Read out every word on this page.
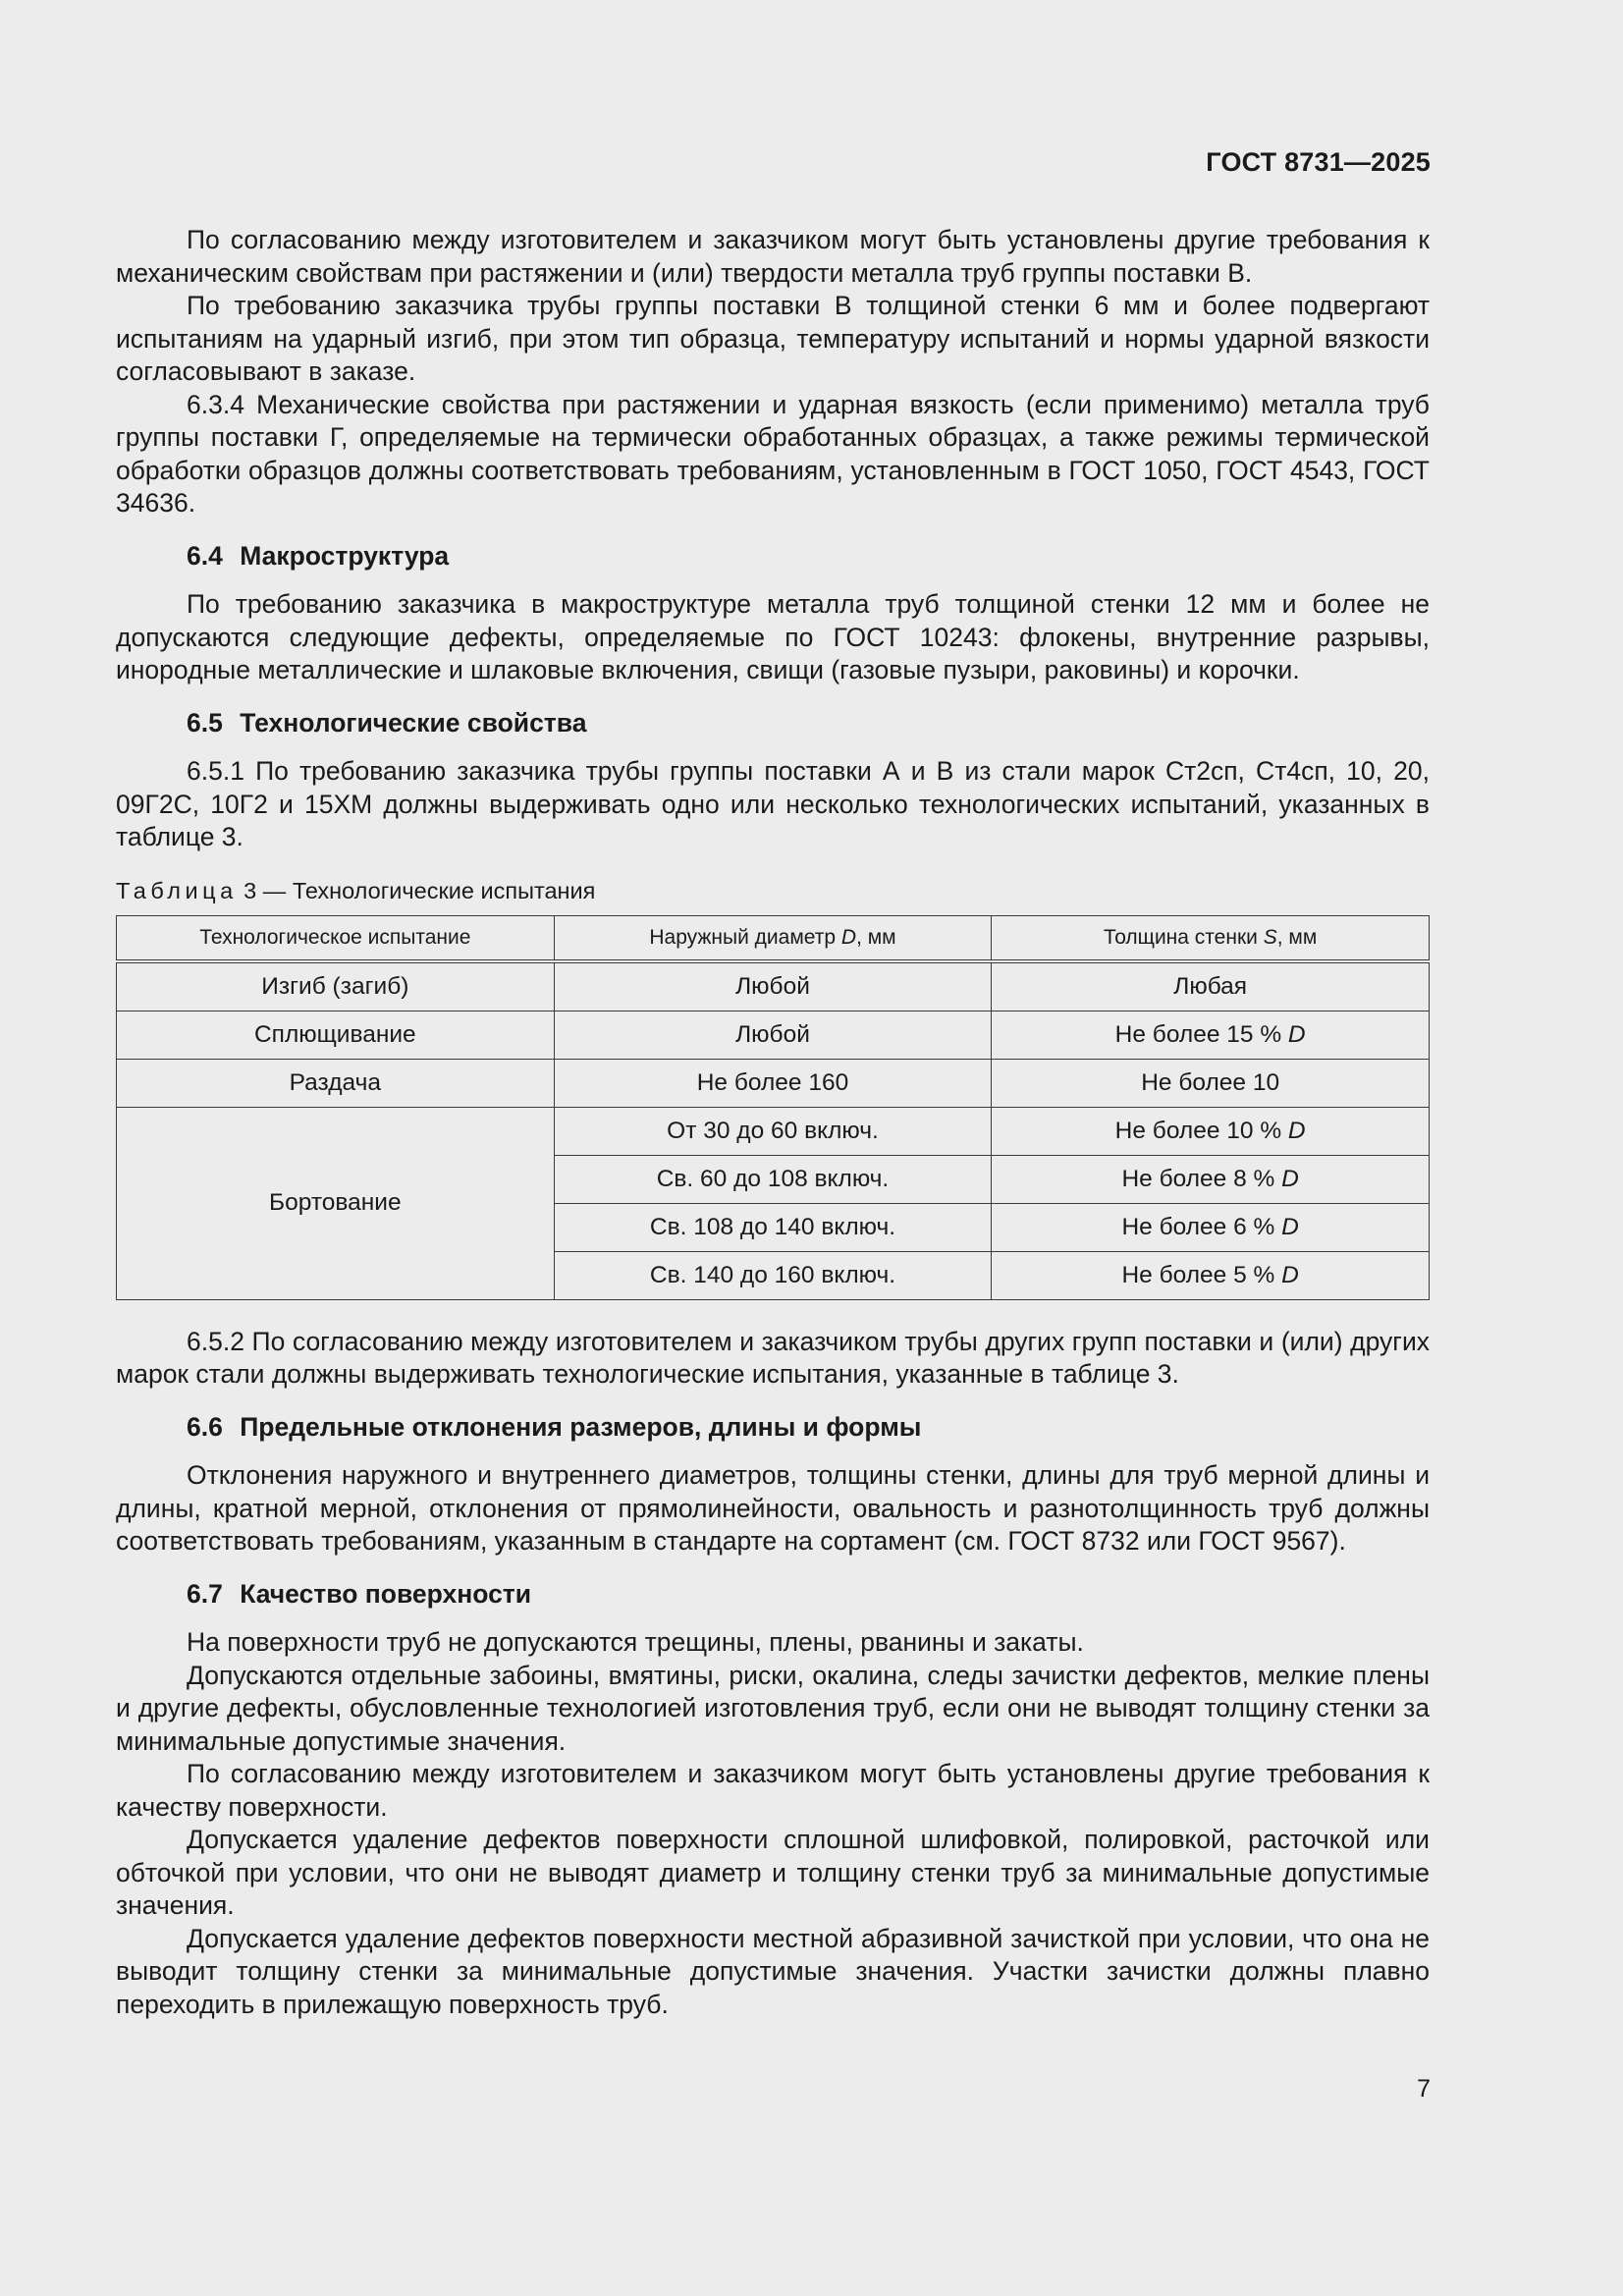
ГОСТ 8731—2025

По согласованию между изготовителем и заказчиком могут быть установлены другие требования к механическим свойствам при растяжении и (или) твердости металла труб группы поставки В.

По требованию заказчика трубы группы поставки В толщиной стенки 6 мм и более подвергают испытаниям на ударный изгиб, при этом тип образца, температуру испытаний и нормы ударной вязкости согласовывают в заказе.

6.3.4 Механические свойства при растяжении и ударная вязкость (если применимо) металла труб группы поставки Г, определяемые на термически обработанных образцах, а также режимы термической обработки образцов должны соответствовать требованиям, установленным в ГОСТ 1050, ГОСТ 4543, ГОСТ 34636.

6.4 Макроструктура

По требованию заказчика в макроструктуре металла труб толщиной стенки 12 мм и более не допускаются следующие дефекты, определяемые по ГОСТ 10243: флокены, внутренние разрывы, инородные металлические и шлаковые включения, свищи (газовые пузыри, раковины) и корочки.

6.5 Технологические свойства

6.5.1 По требованию заказчика трубы группы поставки А и В из стали марок Ст2сп, Ст4сп, 10, 20, 09Г2С, 10Г2 и 15ХМ должны выдерживать одно или несколько технологических испытаний, указанных в таблице 3.

Таблица 3 — Технологические испытания
Технологическое испытание	Наружный диаметр D, мм	Толщина стенки S, мм
Изгиб (загиб)	Любой	Любая
Сплющивание	Любой	Не более 15 % D
Раздача	Не более 160	Не более 10
Бортование	От 30 до 60 включ.	Не более 10 % D
	Св. 60 до 108 включ.	Не более 8 % D
	Св. 108 до 140 включ.	Не более 6 % D
	Св. 140 до 160 включ.	Не более 5 % D

6.5.2 По согласованию между изготовителем и заказчиком трубы других групп поставки и (или) других марок стали должны выдерживать технологические испытания, указанные в таблице 3.

6.6 Предельные отклонения размеров, длины и формы

Отклонения наружного и внутреннего диаметров, толщины стенки, длины для труб мерной длины и длины, кратной мерной, отклонения от прямолинейности, овальность и разнотолщинность труб должны соответствовать требованиям, указанным в стандарте на сортамент (см. ГОСТ 8732 или ГОСТ 9567).

6.7 Качество поверхности

На поверхности труб не допускаются трещины, плены, рванины и закаты.

Допускаются отдельные забоины, вмятины, риски, окалина, следы зачистки дефектов, мелкие плены и другие дефекты, обусловленные технологией изготовления труб, если они не выводят толщину стенки за минимальные допустимые значения.

По согласованию между изготовителем и заказчиком могут быть установлены другие требования к качеству поверхности.

Допускается удаление дефектов поверхности сплошной шлифовкой, полировкой, расточкой или обточкой при условии, что они не выводят диаметр и толщину стенки труб за минимальные допустимые значения.

Допускается удаление дефектов поверхности местной абразивной зачисткой при условии, что она не выводит толщину стенки за минимальные допустимые значения. Участки зачистки должны плавно переходить в прилежащую поверхность труб.

7
